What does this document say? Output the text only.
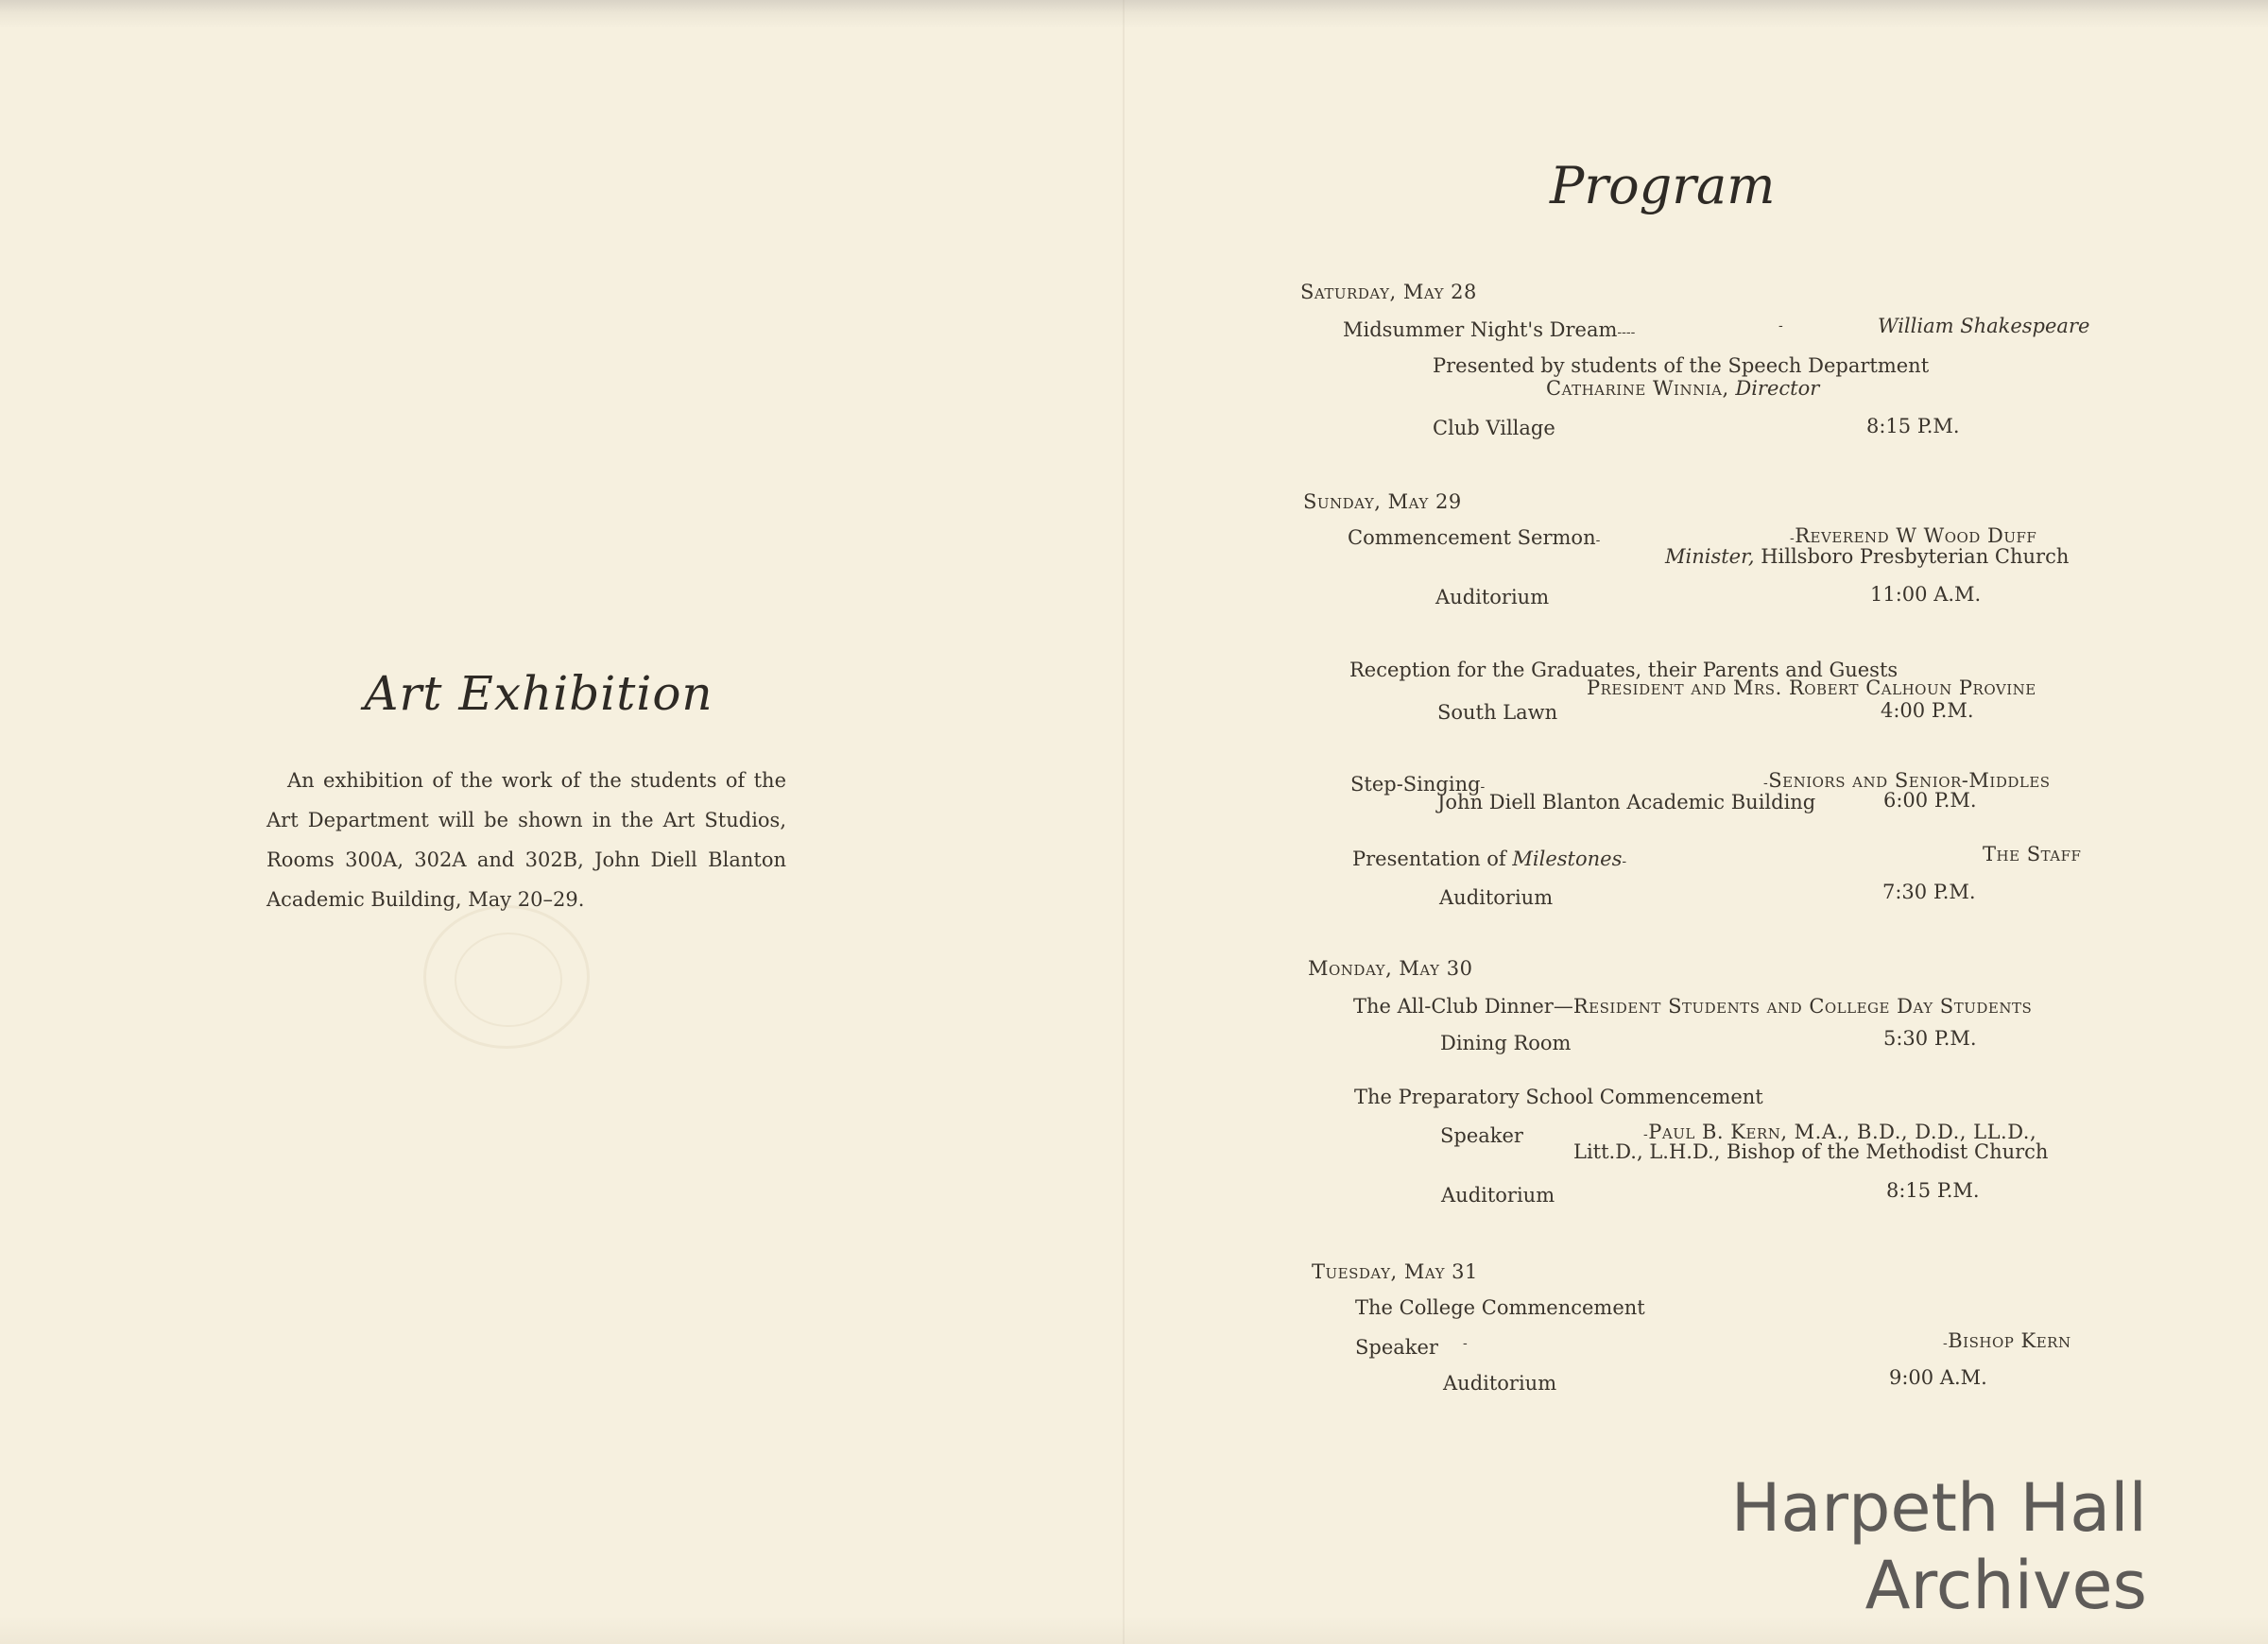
Art Exhibition
An exhibition of the work of the students of the Art Department will be shown in the Art Studios, Rooms 300A, 302A and 302B, John Diell Blanton Academic Building, May 20–29.
Program
Saturday, May 28
Midsummer Night's Dream----	-	William Shakespeare
Presented by students of the Speech Department
Catharine Winnia, Director
Club Village	8:15 P.M.
Sunday, May 29
Commencement Sermon-	-Reverend W Wood Duff
Minister, Hillsboro Presbyterian Church
Auditorium	11:00 A.M.
Reception for the Graduates, their Parents and Guests
President and Mrs. Robert Calhoun Provine
South Lawn	4:00 P.M.
Step-Singing-	-Seniors and Senior-Middles
John Diell Blanton Academic Building	6:00 P.M.
Presentation of Milestones-	The Staff
Auditorium	7:30 P.M.
Monday, May 30
The All-Club Dinner—Resident Students and College Day Students
Dining Room	5:30 P.M.
The Preparatory School Commencement
Speaker	-Paul B. Kern, M.A., B.D., D.D., LL.D.,
Litt.D., L.H.D., Bishop of the Methodist Church
Auditorium	8:15 P.M.
Tuesday, May 31
The College Commencement
Speaker -	-Bishop Kern
Auditorium	9:00 A.M.
Harpeth Hall Archives
